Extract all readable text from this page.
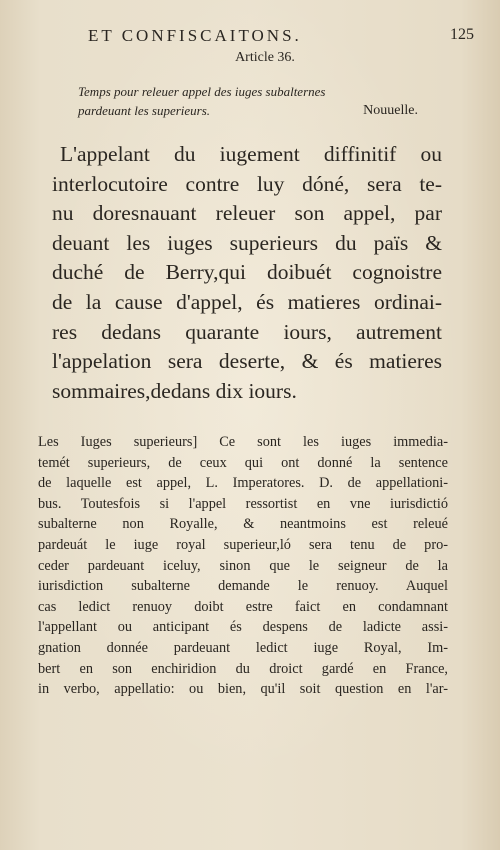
ET CONFISCAITONS.	125
Article 36.
Temps pour releuer appel des iuges subalternes
pardeuant les superieurs.	Nouuelle.
L'appelant du iugement diffinitif ou
interlocutoire contre luy dóné, sera te-
nu doresnauant releuer son appel, par
deuant les iuges superieurs du païs &
duché de Berry,qui doibuét cognoistre
de la cause d'appel, és matieres ordinai-
res dedans quarante iours, autrement
l'appelation sera deserte, & és matieres
sommaires,dedans dix iours.
Les Iuges superieurs] Ce sont les iuges immedia-
temét superieurs, de ceux qui ont donné la sentence
de laquelle est appel, L. Imperatores. D. de appellationi-
bus. Toutesfois si l'appel ressortist en vne iurisdictió
subalterne non Royalle, & neantmoins est releué
pardeuát le iuge royal superieur,ló sera tenu de pro-
ceder pardeuant iceluy, sinon que le seigneur de la
iurisdiction subalterne demande le renuoy. Auquel
cas ledict renuoy doibt estre faict en condamnant
l'appellant ou anticipant és despens de ladicte assi-
gnation donnée pardeuant ledict iuge Royal, Im-
bert en son enchiridion du droict gardé en France,
in verbo, appellatio: ou bien, qu'il soit question en l'ar-
